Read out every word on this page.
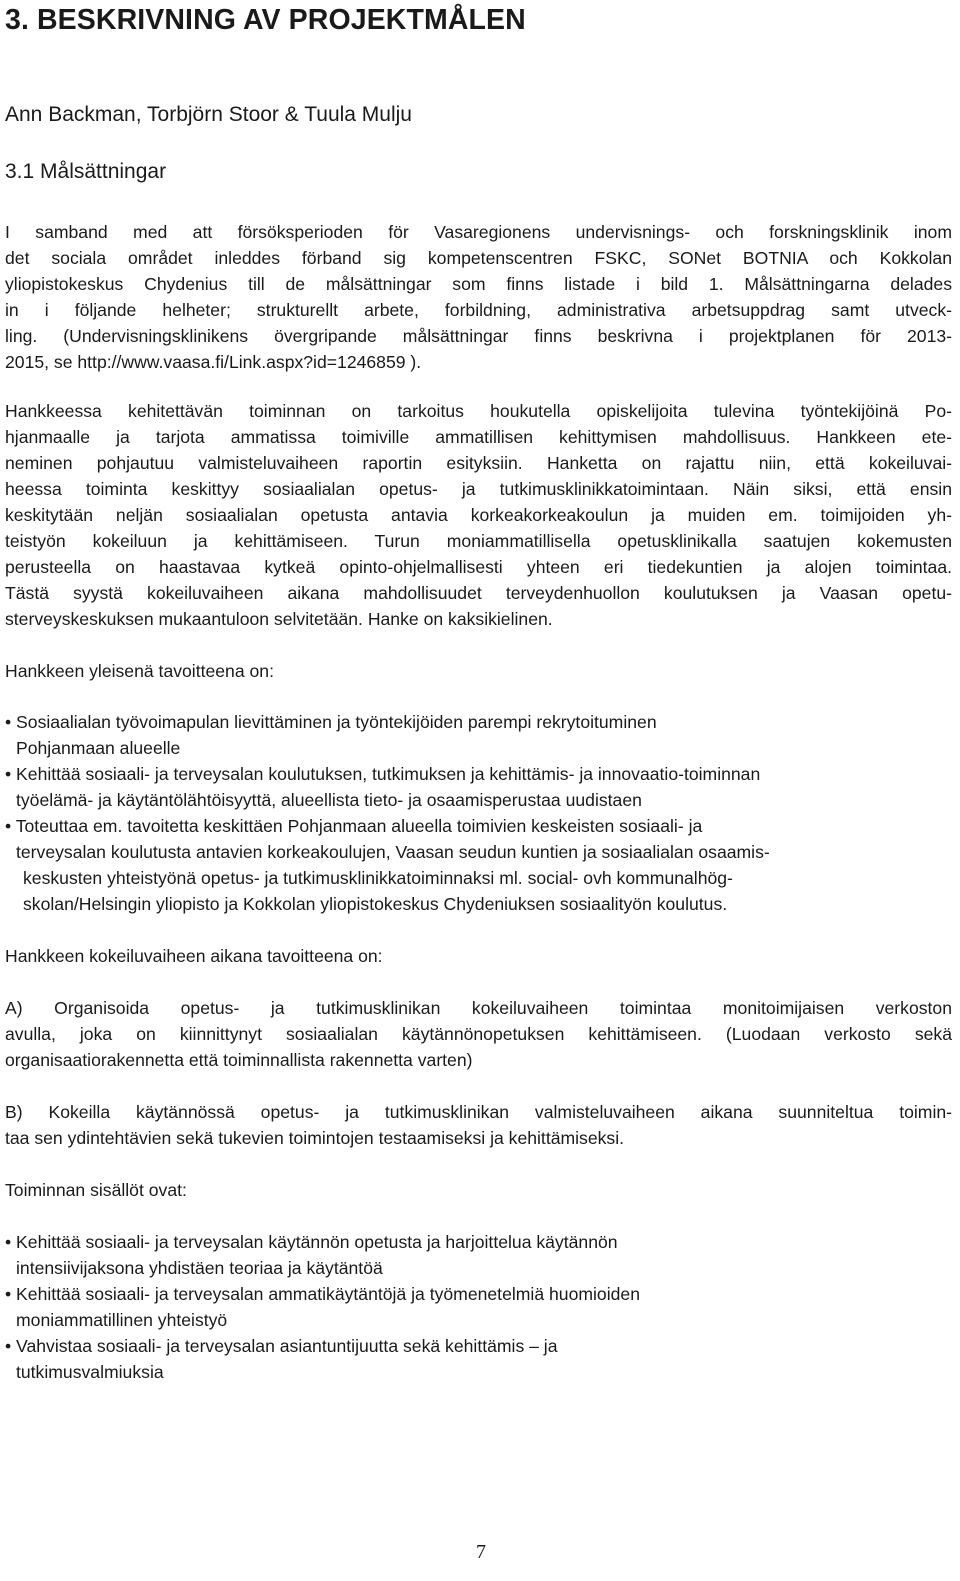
3. BESKRIVNING AV PROJEKTMÅLEN
Ann Backman, Torbjörn Stoor & Tuula Mulju
3.1 Målsättningar
I samband med att försöksperioden för Vasaregionens undervisnings- och forskningsklinik inom
det sociala området inleddes förband sig kompetenscentren FSKC, SONet BOTNIA och Kokkolan
yliopistokeskus Chydenius till de målsättningar som finns listade i bild 1. Målsättningarna delades
in i följande helheter; strukturellt arbete, forbildning, administrativa arbetsuppdrag samt utveck-
ling. (Undervisningsklinikens övergripande målsättningar finns beskrivna i projektplanen för 2013-
2015, se http://www.vaasa.fi/Link.aspx?id=1246859 ).
Hankkeessa kehitettävän toiminnan on tarkoitus houkutella opiskelijoita tulevina työntekijöinä Po-
hjanmaalle ja tarjota ammatissa toimiville ammatillisen kehittymisen mahdollisuus. Hankkeen ete-
neminen pohjautuu valmisteluvaiheen raportin esityksiin. Hanketta on rajattu niin, että kokeiluvai-
heessa toiminta keskittyy sosiaalialan opetus- ja tutkimusklinikkatoimintaan. Näin siksi, että ensin
keskitytään neljän sosiaalialan opetusta antavia korkeakorkeakoulun ja muiden em. toimijoiden yh-
teistyön kokeiluun ja kehittämiseen. Turun moniammatillisella opetusklinikalla saatujen kokemusten
perusteella on haastavaa kytkeä opinto-ohjelmallisesti yhteen eri tiedekuntien ja alojen toimintaa.
Tästä syystä kokeiluvaiheen aikana mahdollisuudet terveydenhuollon koulutuksen ja Vaasan opetu-
sterveyskeskuksen mukaantuloon selvitetään. Hanke on kaksikielinen.
Hankkeen yleisenä tavoitteena on:
• Sosiaalialan työvoimapulan lievittäminen ja työntekijöiden parempi rekrytoituminen
Pohjanmaan alueelle
• Kehittää sosiaali- ja terveysalan koulutuksen, tutkimuksen ja kehittämis- ja innovaatio-toiminnan
työelämä- ja käytäntölähtöisyyttä, alueellista tieto- ja osaamisperustaa uudistaen
• Toteuttaa em. tavoitetta keskittäen Pohjanmaan alueella toimivien keskeisten sosiaali- ja
terveysalan koulutusta antavien korkeakoulujen, Vaasan seudun kuntien ja sosiaalialan osaamis-
keskusten yhteistyönä opetus- ja tutkimusklinikkatoiminnaksi ml. social- ovh kommunalhög-
skolan/Helsingin yliopisto ja Kokkolan yliopistokeskus Chydeniuksen sosiaalityön koulutus.
Hankkeen kokeiluvaiheen aikana tavoitteena on:
A) Organisoida opetus- ja tutkimusklinikan kokeiluvaiheen toimintaa monitoimijaisen verkoston
avulla, joka on kiinnittynyt sosiaalialan käytännönopetuksen kehittämiseen. (Luodaan verkosto sekä
organisaatiorakennetta että toiminnallista rakennetta varten)
B) Kokeilla käytännössä opetus- ja tutkimusklinikan valmisteluvaiheen aikana suunniteltua toimin-
taa sen ydintehtävien sekä tukevien toimintojen testaamiseksi ja kehittämiseksi.
Toiminnan sisällöt ovat:
• Kehittää sosiaali- ja terveysalan käytännön opetusta ja harjoittelua käytännön
intensiivijaksona yhdistäen teoriaa ja käytäntöä
• Kehittää sosiaali- ja terveysalan ammatikäytäntöjä ja työmenetelmiä huomioiden
moniammatillinen yhteistyö
• Vahvistaa sosiaali- ja terveysalan asiantuntijuutta sekä kehittämis – ja
tutkimusvalmiuksia
7
